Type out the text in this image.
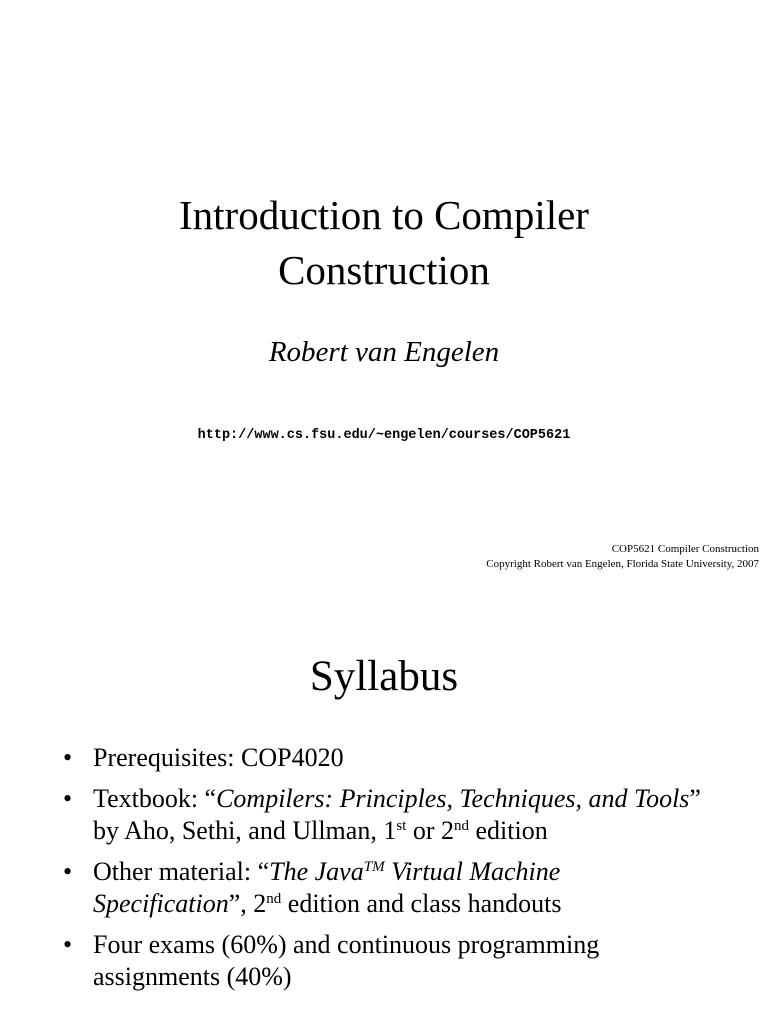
Introduction to Compiler
Construction
Robert van Engelen
http://www.cs.fsu.edu/~engelen/courses/COP5621
COP5621 Compiler Construction
Copyright Robert van Engelen, Florida State University, 2007
Syllabus
• Prerequisites: COP4020
• Textbook: “Compilers: Principles, Techniques, and Tools” by Aho, Sethi, and Ullman, 1st or 2nd edition
• Other material: “The Java™ Virtual Machine Specification”, 2nd edition and class handouts
• Four exams (60%) and continuous programming assignments (40%)
